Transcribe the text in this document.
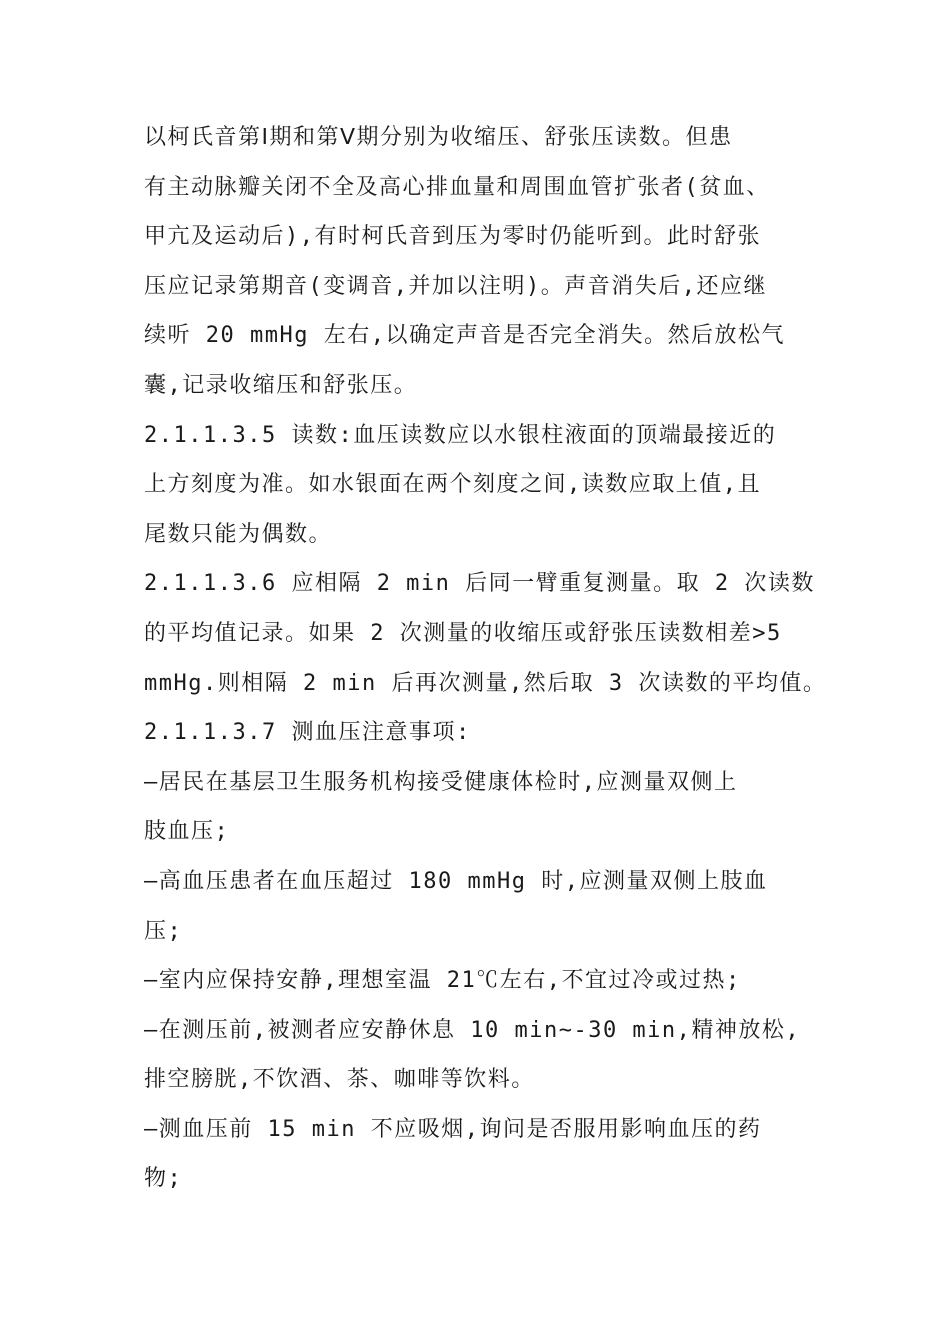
以柯氏音第Ⅰ期和第Ⅴ期分别为收缩压、舒张压读数。但患
有主动脉瓣关闭不全及高心排血量和周围血管扩张者(贫血、
甲亢及运动后),有时柯氏音到压为零时仍能听到。此时舒张
压应记录第期音(变调音,并加以注明)。声音消失后,还应继
续听 20 mmHg 左右,以确定声音是否完全消失。然后放松气
囊,记录收缩压和舒张压。
2.1.1.3.5 读数:血压读数应以水银柱液面的顶端最接近的
上方刻度为准。如水银面在两个刻度之间,读数应取上值,且
尾数只能为偶数。
2.1.1.3.6 应相隔 2 min 后同一臂重复测量。取 2 次读数
的平均值记录。如果 2 次测量的收缩压或舒张压读数相差>5
mmHg.则相隔 2 min 后再次测量,然后取 3 次读数的平均值。
2.1.1.3.7 测血压注意事项:
—居民在基层卫生服务机构接受健康体检时,应测量双侧上
肢血压;
—高血压患者在血压超过 180 mmHg 时,应测量双侧上肢血
压;
—室内应保持安静,理想室温 21℃左右,不宜过冷或过热;
—在测压前,被测者应安静休息 10 min~-30 min,精神放松,
排空膀胱,不饮酒、茶、咖啡等饮料。
—测血压前 15 min 不应吸烟,询问是否服用影响血压的药
物;
